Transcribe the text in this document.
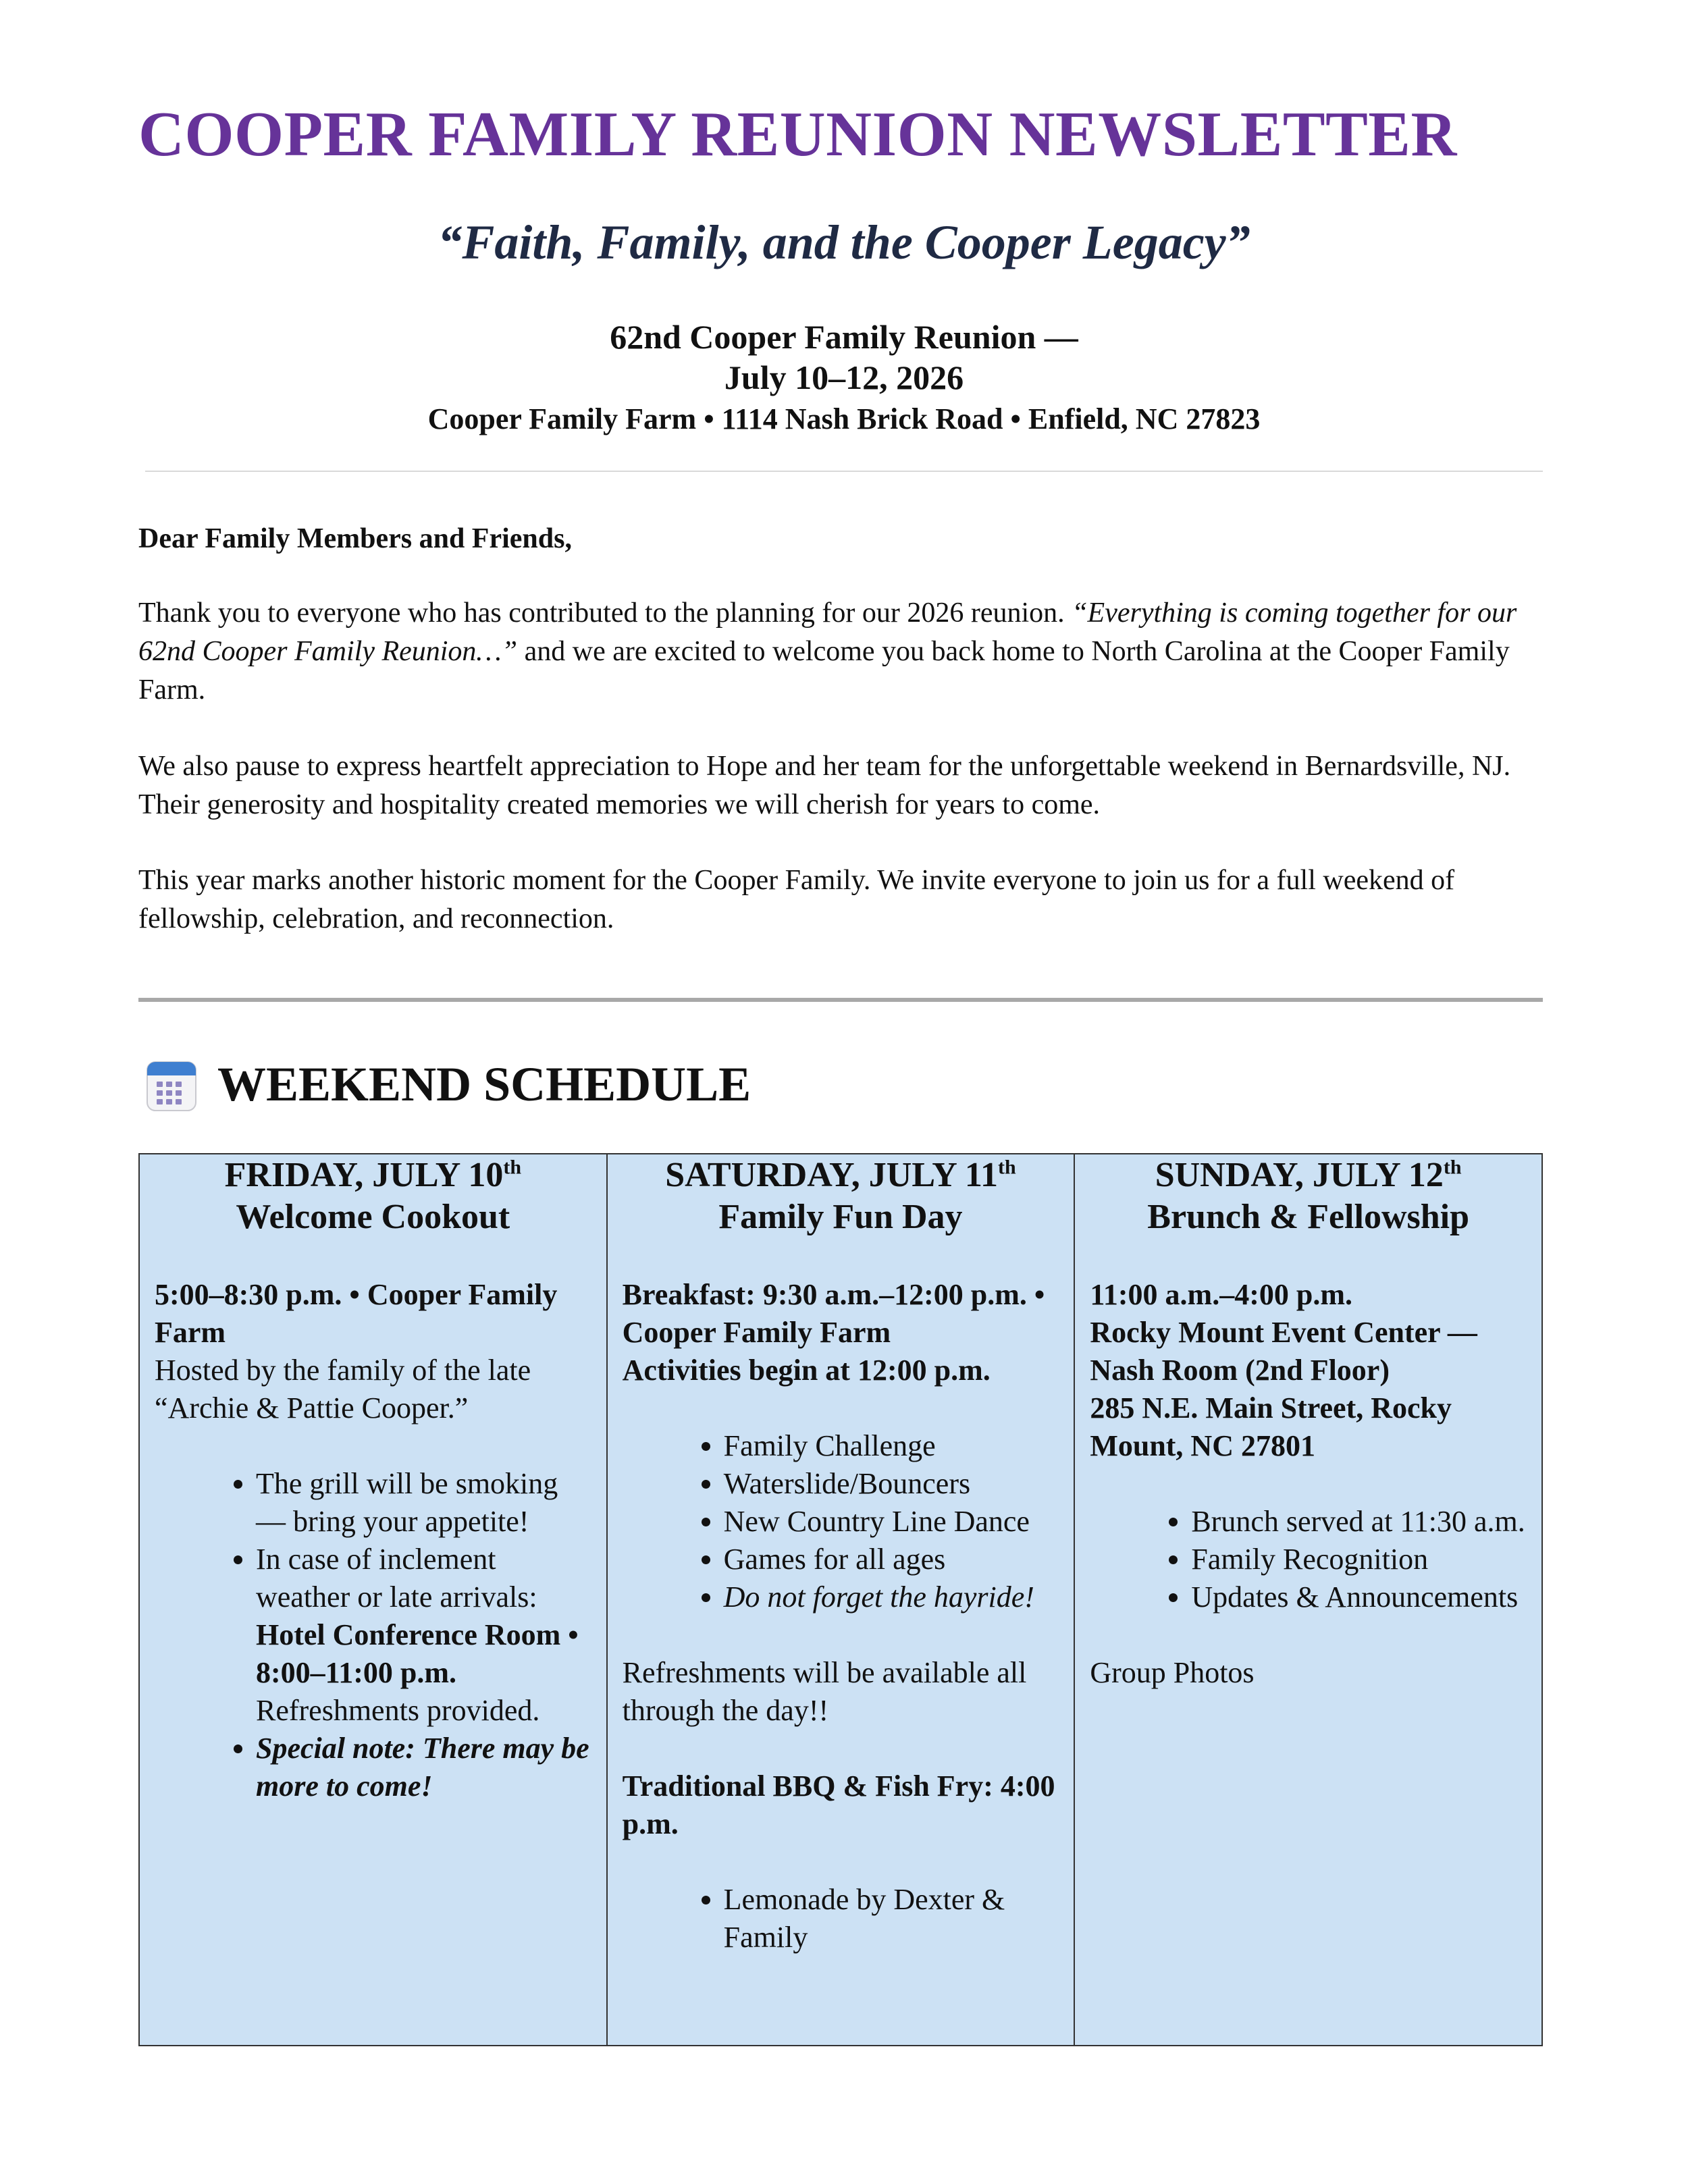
COOPER FAMILY REUNION NEWSLETTER
“Faith, Family, and the Cooper Legacy”
62nd Cooper Family Reunion —
July 10–12, 2026
Cooper Family Farm • 1114 Nash Brick Road • Enfield, NC 27823
Dear Family Members and Friends,
Thank you to everyone who has contributed to the planning for our 2026 reunion. “Everything is coming together for our 62nd Cooper Family Reunion…” and we are excited to welcome you back home to North Carolina at the Cooper Family Farm.
We also pause to express heartfelt appreciation to Hope and her team for the unforgettable weekend in Bernardsville, NJ. Their generosity and hospitality created memories we will cherish for years to come.
This year marks another historic moment for the Cooper Family. We invite everyone to join us for a full weekend of fellowship, celebration, and reconnection.
WEEKEND SCHEDULE
FRIDAY, JULY 10th
Welcome Cookout
5:00–8:30 p.m. • Cooper Family Farm
Hosted by the family of the late “Archie & Pattie Cooper.”
• The grill will be smoking — bring your appetite!
• In case of inclement weather or late arrivals: Hotel Conference Room • 8:00–11:00 p.m. Refreshments provided.
• Special note: There may be more to come!

SATURDAY, JULY 11th
Family Fun Day
Breakfast: 9:30 a.m.–12:00 p.m. • Cooper Family Farm
Activities begin at 12:00 p.m.
• Family Challenge
• Waterslide/Bouncers
• New Country Line Dance
• Games for all ages
• Do not forget the hayride!
Refreshments will be available all through the day!!
Traditional BBQ & Fish Fry: 4:00 p.m.
• Lemonade by Dexter & Family

SUNDAY, JULY 12th
Brunch & Fellowship
11:00 a.m.–4:00 p.m.
Rocky Mount Event Center — Nash Room (2nd Floor)
285 N.E. Main Street, Rocky Mount, NC 27801
• Brunch served at 11:30 a.m.
• Family Recognition
• Updates & Announcements
Group Photos
